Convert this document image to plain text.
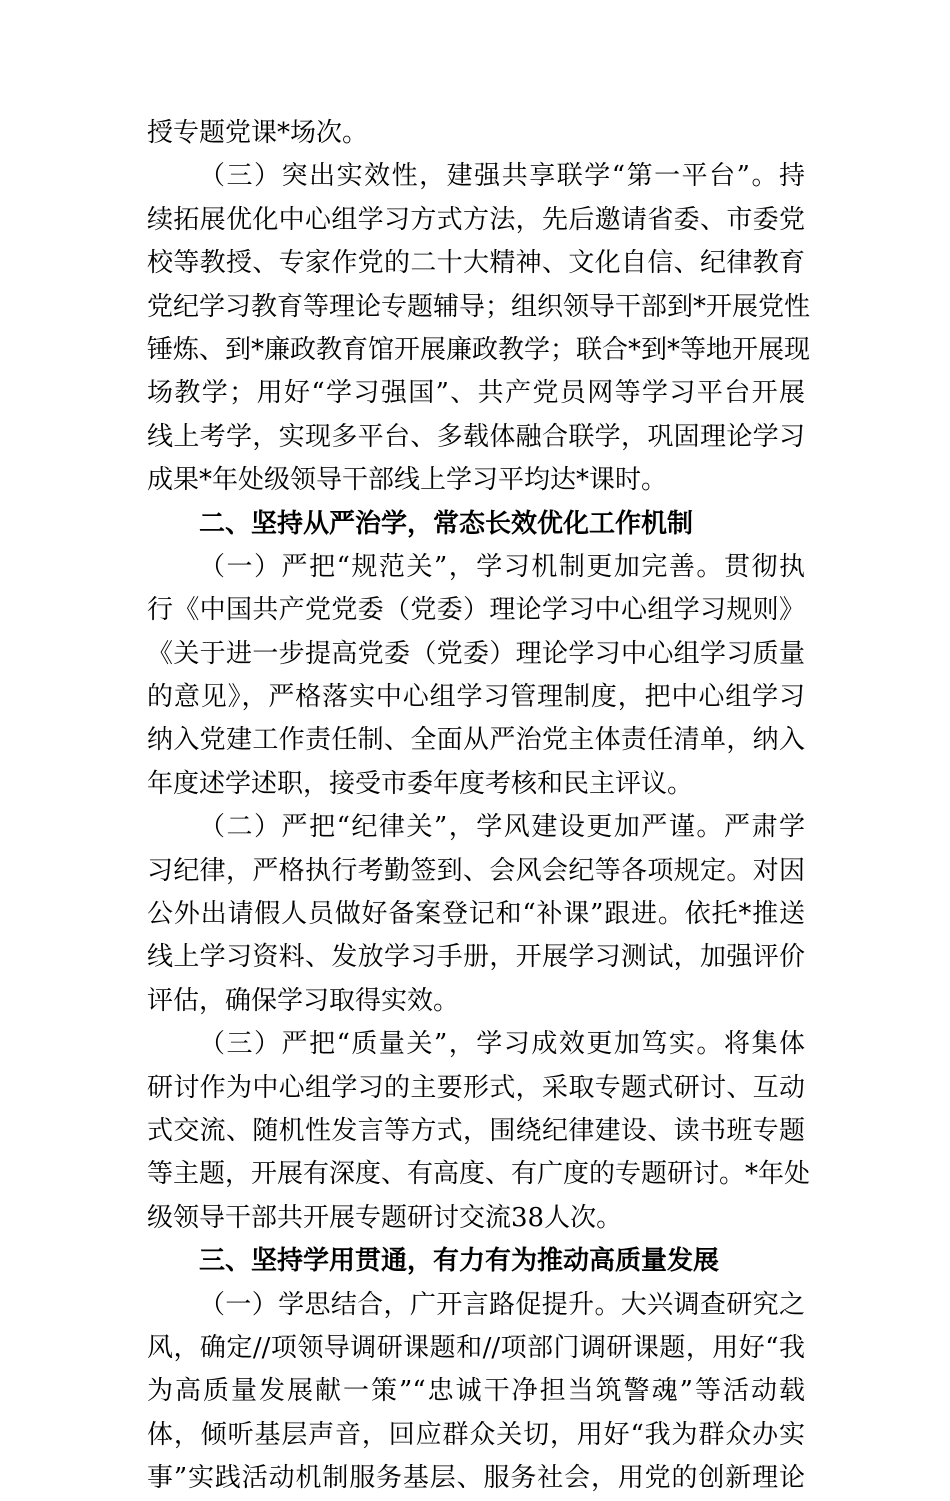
授专题党课*场次。
（三）突出实效性，建强共享联学“第一平台”。持
续拓展优化中心组学习方式方法，先后邀请省委、市委党
校等教授、专家作党的二十大精神、文化自信、纪律教育
党纪学习教育等理论专题辅导；组织领导干部到*开展党性
锤炼、到*廉政教育馆开展廉政教学；联合*到*等地开展现
场教学；用好“学习强国”、共产党员网等学习平台开展
线上考学，实现多平台、多载体融合联学，巩固理论学习
成果*年处级领导干部线上学习平均达*课时。
二、坚持从严治学，常态长效优化工作机制
（一）严把“规范关”，学习机制更加完善。贯彻执
行《中国共产党党委（党委）理论学习中心组学习规则》
《关于进一步提高党委（党委）理论学习中心组学习质量
的意见》，严格落实中心组学习管理制度，把中心组学习
纳入党建工作责任制、全面从严治党主体责任清单，纳入
年度述学述职，接受市委年度考核和民主评议。
（二）严把“纪律关”，学风建设更加严谨。严肃学
习纪律，严格执行考勤签到、会风会纪等各项规定。对因
公外出请假人员做好备案登记和“补课”跟进。依托*推送
线上学习资料、发放学习手册，开展学习测试，加强评价
评估，确保学习取得实效。
（三）严把“质量关”，学习成效更加笃实。将集体
研讨作为中心组学习的主要形式，采取专题式研讨、互动
式交流、随机性发言等方式，围绕纪律建设、读书班专题
等主题，开展有深度、有高度、有广度的专题研讨。*年处
级领导干部共开展专题研讨交流38人次。
三、坚持学用贯通，有力有为推动高质量发展
（一）学思结合，广开言路促提升。大兴调查研究之
风，确定//项领导调研课题和//项部门调研课题，用好“我
为高质量发展献一策”“忠诚干净担当筑警魂”等活动载
体，倾听基层声音，回应群众关切，用好“我为群众办实
事”实践活动机制服务基层、服务社会，用党的创新理论
